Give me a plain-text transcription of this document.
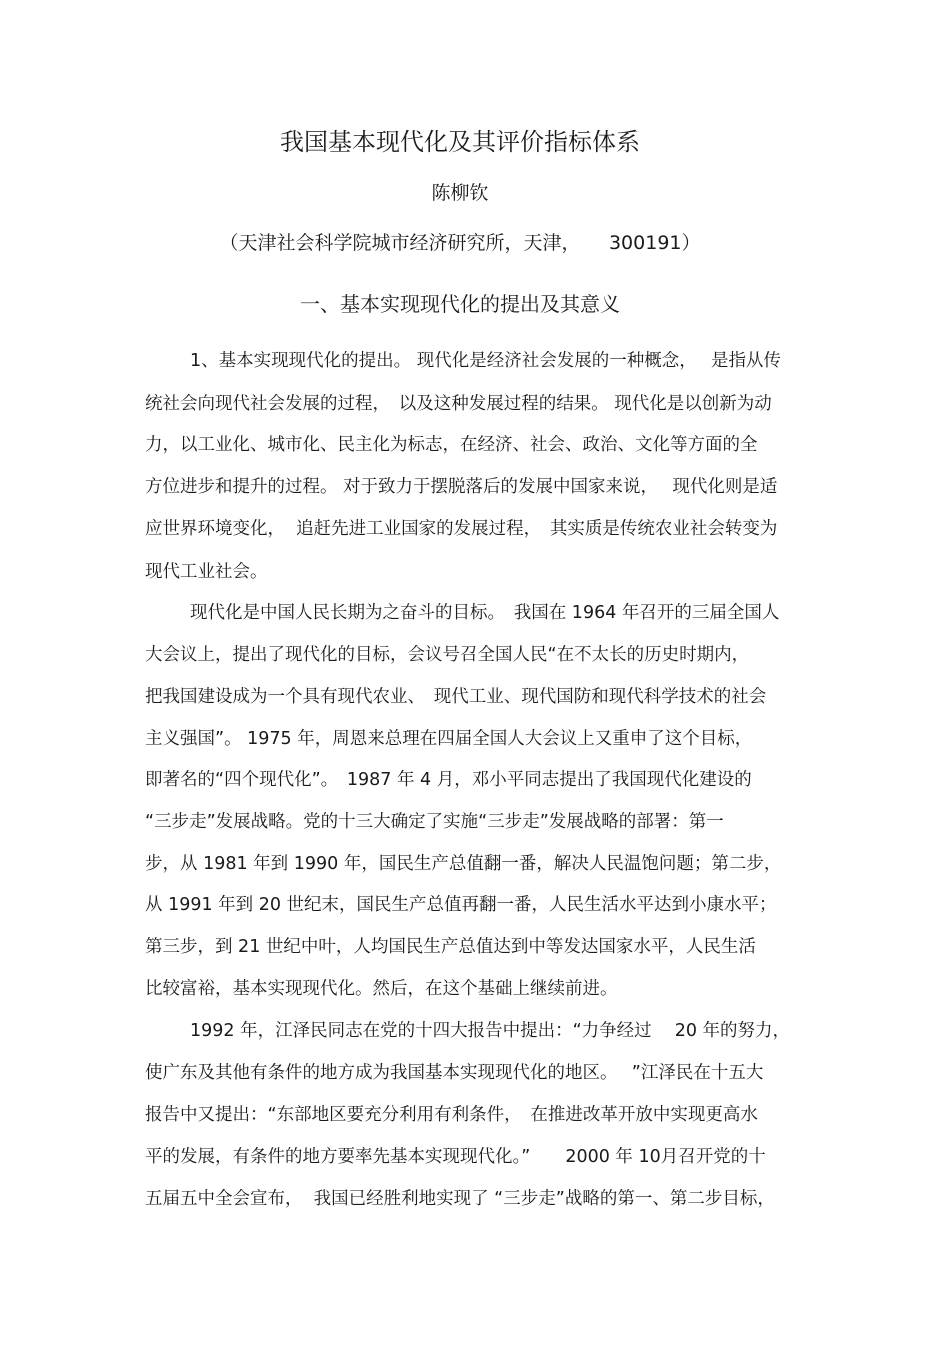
我国基本现代化及其评价指标体系
陈柳钦
（天津社会科学院城市经济研究所，天津，　　300191）
一、基本实现现代化的提出及其意义
1、基本实现现代化的提出。 现代化是经济社会发展的一种概念，　 是指从传
统社会向现代社会发展的过程，　以及这种发展过程的结果。 现代化是以创新为动
力，以工业化、城市化、民主化为标志，在经济、社会、政治、文化等方面的全
方位进步和提升的过程。 对于致力于摆脱落后的发展中国家来说，　 现代化则是适
应世界环境变化，  追赶先进工业国家的发展过程，　其实质是传统农业社会转变为
现代工业社会。
现代化是中国人民长期为之奋斗的目标。　我国在 1964 年召开的三届全国人
大会议上，提出了现代化的目标，会议号召全国人民“在不太长的历史时期内，
把我国建设成为一个具有现代农业、　现代工业、现代国防和现代科学技术的社会
主义强国”。 1975 年，周恩来总理在四届全国人大会议上又重申了这个目标，
即著名的“四个现代化”。　1987 年 4 月，邓小平同志提出了我国现代化建设的
“三步走”发展战略。党的十三大确定了实施“三步走”发展战略的部署：第一
步，从 1981 年到 1990 年，国民生产总值翻一番，解决人民温饱问题；第二步，
从 1991 年到 20 世纪末，国民生产总值再翻一番，人民生活水平达到小康水平；
第三步，到 21 世纪中叶，人均国民生产总值达到中等发达国家水平，人民生活
比较富裕，基本实现现代化。然后，在这个基础上继续前进。
1992 年，江泽民同志在党的十四大报告中提出：“力争经过　 20 年的努力，
使广东及其他有条件的地方成为我国基本实现现代化的地区。　 ”江泽民在十五大
报告中又提出：“东部地区要充分利用有利条件，　在推进改革开放中实现更高水
平的发展，有条件的地方要率先基本实现现代化。”　　2000 年 10月召开党的十
五届五中全会宣布，  我国已经胜利地实现了 “三步走”战略的第一、第二步目标，
